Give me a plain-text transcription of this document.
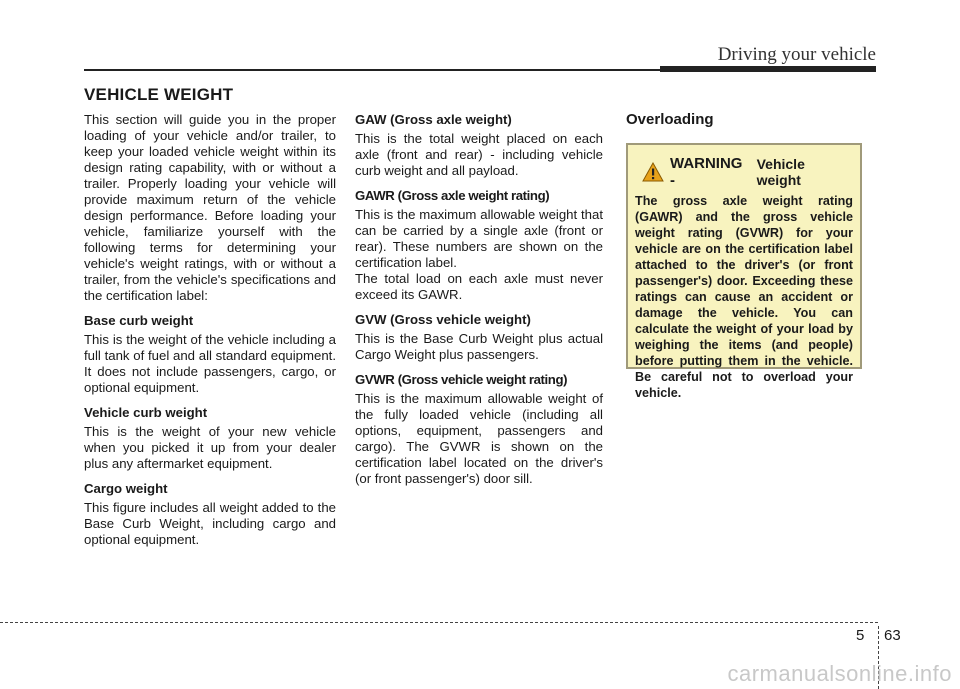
Driving your vehicle
VEHICLE WEIGHT

This section will guide you in the proper loading of your vehicle and/or trailer, to keep your loaded vehicle weight within its design rating capability, with or without a trailer. Properly loading your vehicle will provide maximum return of the vehicle design performance. Before loading your vehicle, familiarize yourself with the following terms for determining your vehicle's weight ratings, with or without a trailer, from the vehicle's specifications and the certification label:

Base curb weight

This is the weight of the vehicle including a full tank of fuel and all standard equipment. It does not include passengers, cargo, or optional equipment.

Vehicle curb weight

This is the weight of your new vehicle when you picked it up from your dealer plus any aftermarket equipment.

Cargo weight

This figure includes all weight added to the Base Curb Weight, including cargo and optional equipment.

GAW (Gross axle weight)

This is the total weight placed on each axle (front and rear) - including vehicle curb weight and all payload.

GAWR (Gross axle weight rating)

This is the maximum allowable weight that can be carried by a single axle (front or rear). These numbers are shown on the certification label.

The total load on each axle must never exceed its GAWR.

GVW (Gross vehicle weight)

This is the Base Curb Weight plus actual Cargo Weight plus passengers.

GVWR (Gross vehicle weight rating)

This is the maximum allowable weight of the fully loaded vehicle (including all options, equipment, passengers and cargo). The GVWR is shown on the certification label located on the driver's (or front passenger's) door sill.

Overloading
WARNING -
Vehicle weight

The gross axle weight rating (GAWR) and the gross vehicle weight rating (GVWR) for your vehicle are on the certification label attached to the driver's (or front passenger's) door. Exceeding these ratings can cause an accident or damage the vehicle. You can calculate the weight of your load by weighing the items (and people) before putting them in the vehicle. Be careful not to overload your vehicle.

5 63
carmanualsonline.info
